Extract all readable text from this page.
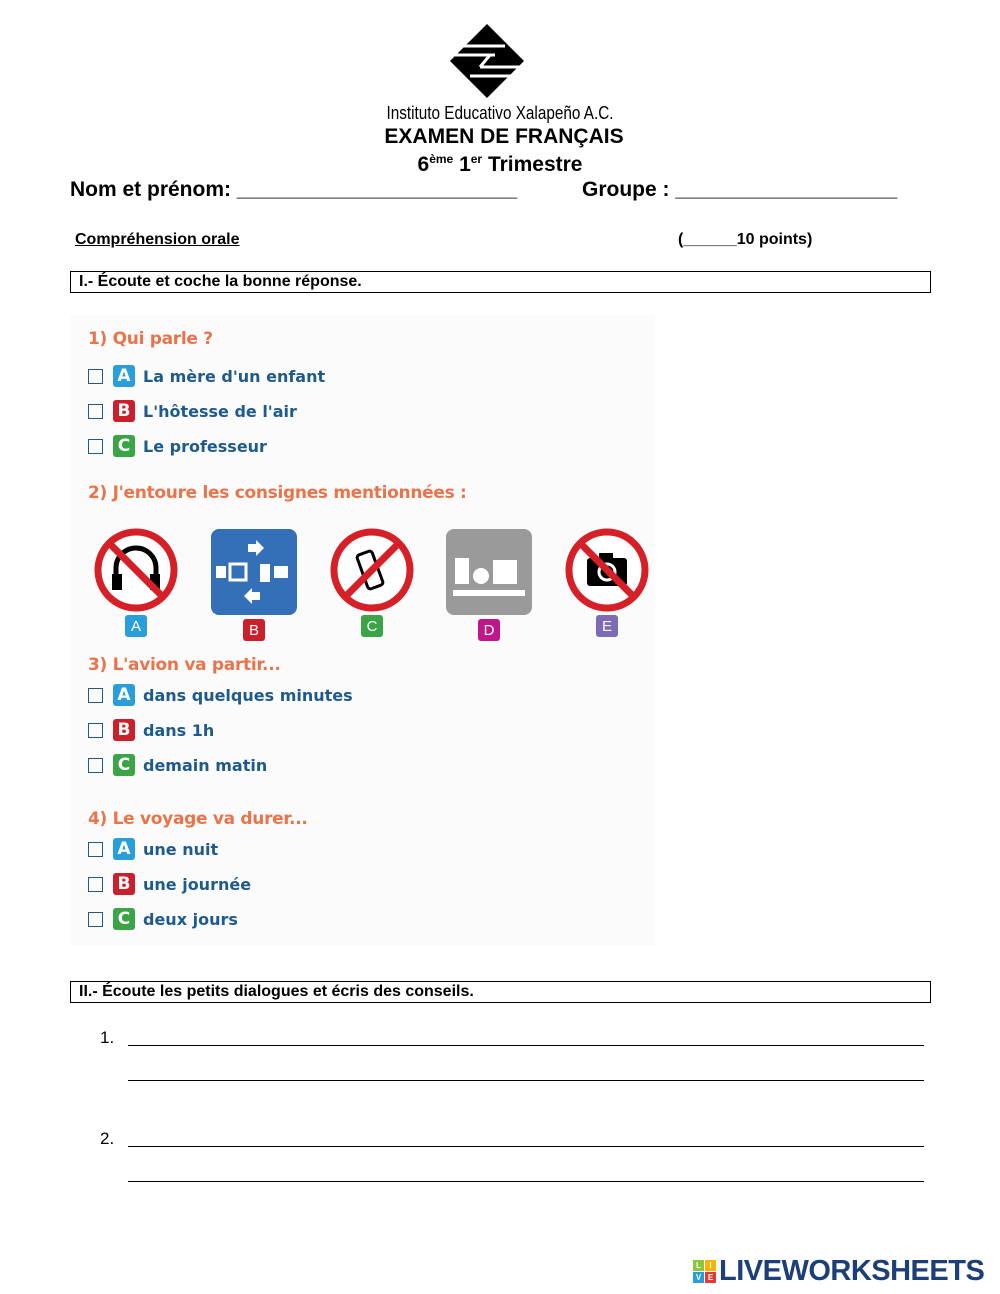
Instituto Educativo Xalapeño A.C.
EXAMEN DE FRANÇAIS
6ème 1er Trimestre
Nom et prénom: ________________________	Groupe : ___________________
Compréhension orale	(______10 points)
I.- Écoute et coche la bonne réponse.
1) Qui parle ?
A La mère d'un enfant
B L'hôtesse de l'air
C Le professeur
2) J'entoure les consignes mentionnées :
A	B	C	D	E
3) L'avion va partir...
A dans quelques minutes
B dans 1h
C demain matin
4) Le voyage va durer...
A une nuit
B une journée
C deux jours
II.- Écoute les petits dialogues et écris des conseils.
1.
2.
L	I
V E LIVEWORKSHEETS
